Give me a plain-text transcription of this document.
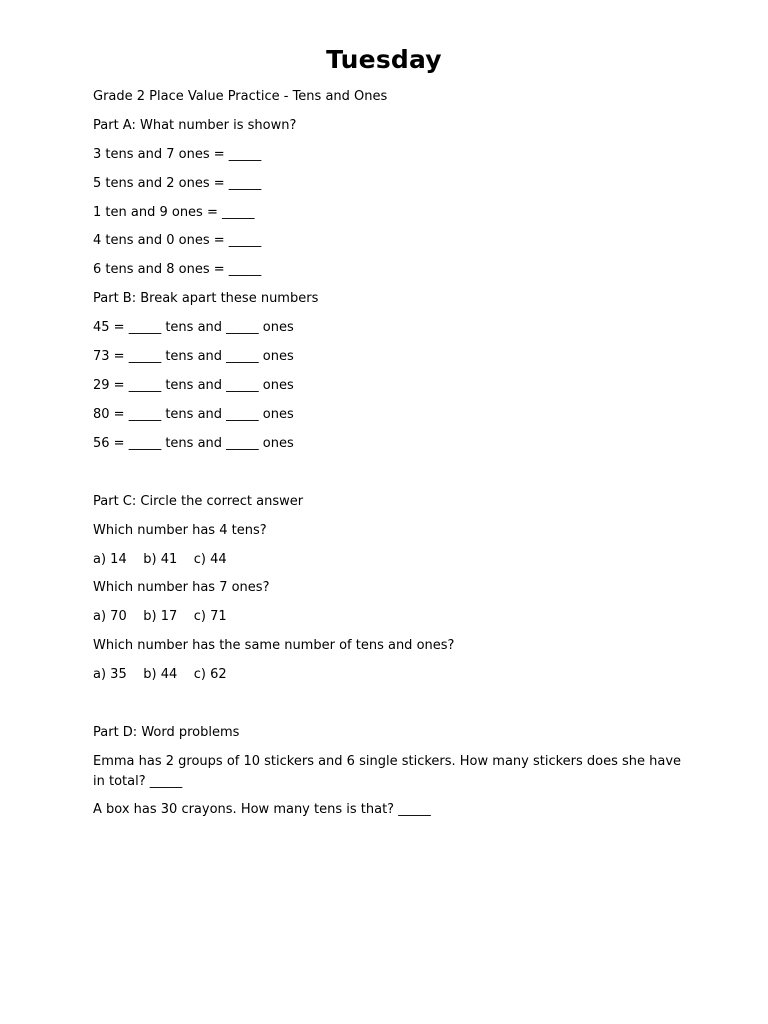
Tuesday
Grade 2 Place Value Practice - Tens and Ones
Part A: What number is shown?
3 tens and 7 ones = _____
5 tens and 2 ones = _____
1 ten and 9 ones = _____
4 tens and 0 ones = _____
6 tens and 8 ones = _____
Part B: Break apart these numbers
45 = _____ tens and _____ ones
73 = _____ tens and _____ ones
29 = _____ tens and _____ ones
80 = _____ tens and _____ ones
56 = _____ tens and _____ ones
Part C: Circle the correct answer
Which number has 4 tens?
a) 14    b) 41    c) 44
Which number has 7 ones?
a) 70    b) 17    c) 71
Which number has the same number of tens and ones?
a) 35    b) 44    c) 62
Part D: Word problems
Emma has 2 groups of 10 stickers and 6 single stickers. How many stickers does she have in total? _____
A box has 30 crayons. How many tens is that? _____
